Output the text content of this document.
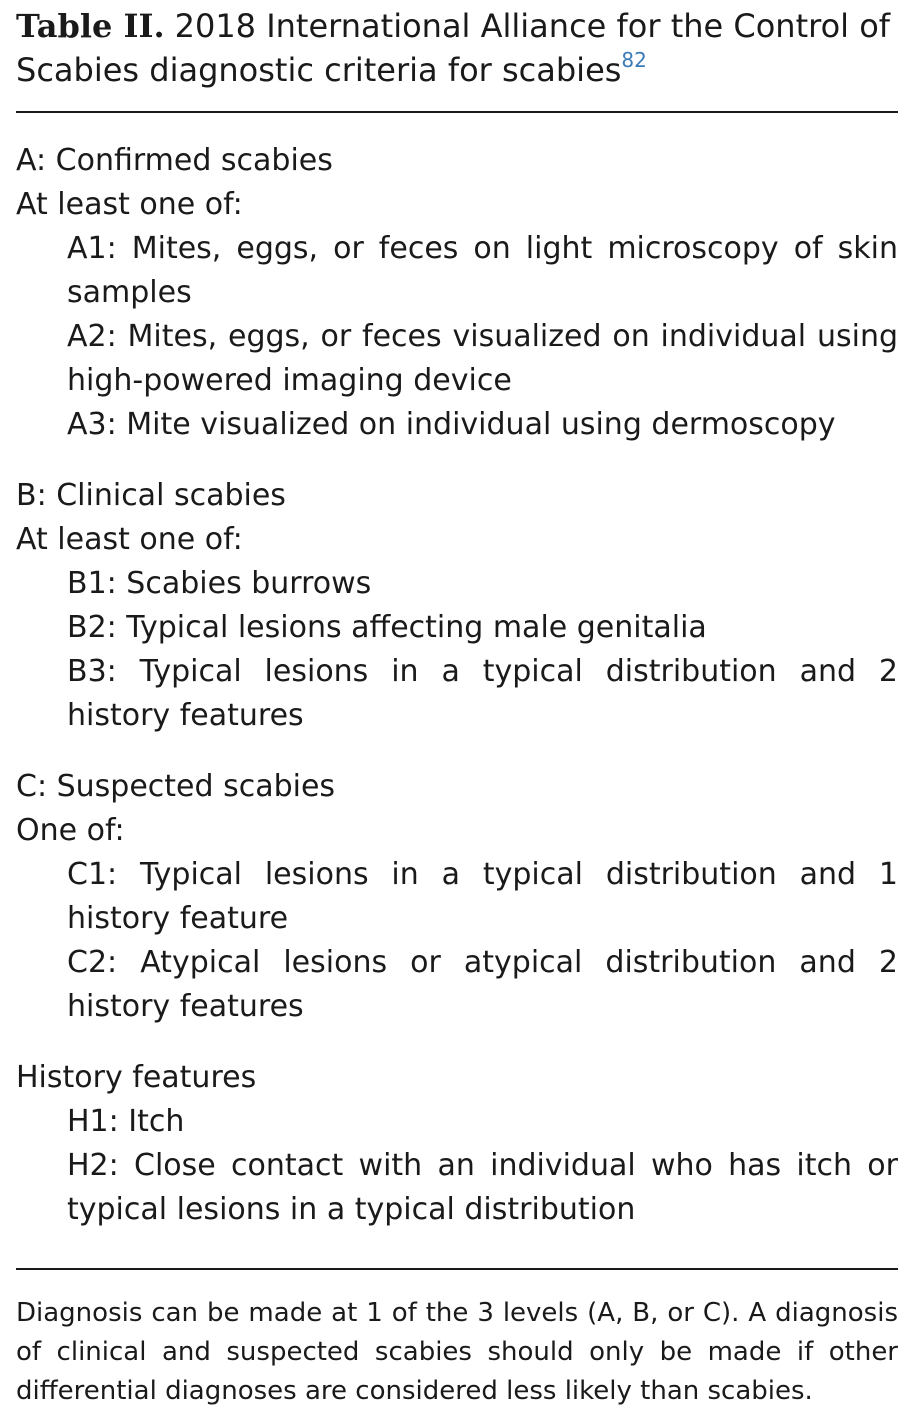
Table II. 2018 International Alliance for the Control of Scabies diagnostic criteria for scabies$^{82}$
A: Confirmed scabies
At least one of:
A1: Mites, eggs, or feces on light microscopy of skin samples
A2: Mites, eggs, or feces visualized on individual using high-powered imaging device
A3: Mite visualized on individual using dermoscopy
B: Clinical scabies
At least one of:
B1: Scabies burrows
B2: Typical lesions affecting male genitalia
B3: Typical lesions in a typical distribution and 2 history features
C: Suspected scabies
One of:
C1: Typical lesions in a typical distribution and 1 history feature
C2: Atypical lesions or atypical distribution and 2 history features
History features
H1: Itch
H2: Close contact with an individual who has itch or typical lesions in a typical distribution
Diagnosis can be made at 1 of the 3 levels (A, B, or C). A diagnosis of clinical and suspected scabies should only be made if other differential diagnoses are considered less likely than scabies.
